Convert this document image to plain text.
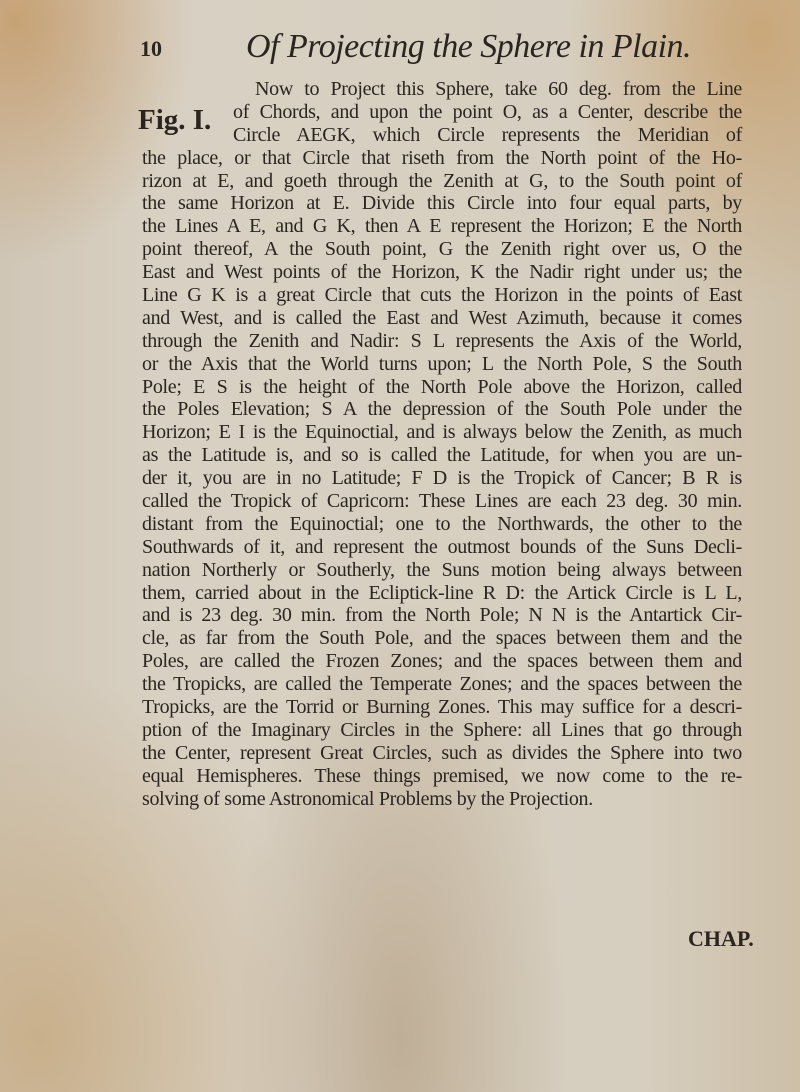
10 Of Projecting the Sphere in Plain.
Fig. I.
Now to Project this Sphere, take 60 deg. from the Line
of Chords, and upon the point O, as a Center, describe the
Circle AEGK, which Circle represents the Meridian of
the place, or that Circle that riseth from the North point of the Ho-
rizon at E, and goeth through the Zenith at G, to the South point of
the same Horizon at E. Divide this Circle into four equal parts, by
the Lines A E, and G K, then A E represent the Horizon; E the North
point thereof, A the South point, G the Zenith right over us, O the
East and West points of the Horizon, K the Nadir right under us; the
Line G K is a great Circle that cuts the Horizon in the points of East
and West, and is called the East and West Azimuth, because it comes
through the Zenith and Nadir: S L represents the Axis of the World,
or the Axis that the World turns upon; L the North Pole, S the South
Pole; E S is the height of the North Pole above the Horizon, called
the Poles Elevation; S A the depression of the South Pole under the
Horizon; E I is the Equinoctial, and is always below the Zenith, as much
as the Latitude is, and so is called the Latitude, for when you are un-
der it, you are in no Latitude; F D is the Tropick of Cancer; B R is
called the Tropick of Capricorn: These Lines are each 23 deg. 30 min.
distant from the Equinoctial; one to the Northwards, the other to the
Southwards of it, and represent the outmost bounds of the Suns Decli-
nation Northerly or Southerly, the Suns motion being always between
them, carried about in the Ecliptick-line R D: the Artick Circle is L L,
and is 23 deg. 30 min. from the North Pole; N N is the Antartick Cir-
cle, as far from the South Pole, and the spaces between them and the
Poles, are called the Frozen Zones; and the spaces between them and
the Tropicks, are called the Temperate Zones; and the spaces between the
Tropicks, are the Torrid or Burning Zones. This may suffice for a descri-
ption of the Imaginary Circles in the Sphere: all Lines that go through
the Center, represent Great Circles, such as divides the Sphere into two
equal Hemispheres. These things premised, we now come to the re-
solving of some Astronomical Problems by the Projection.
CHAP.
